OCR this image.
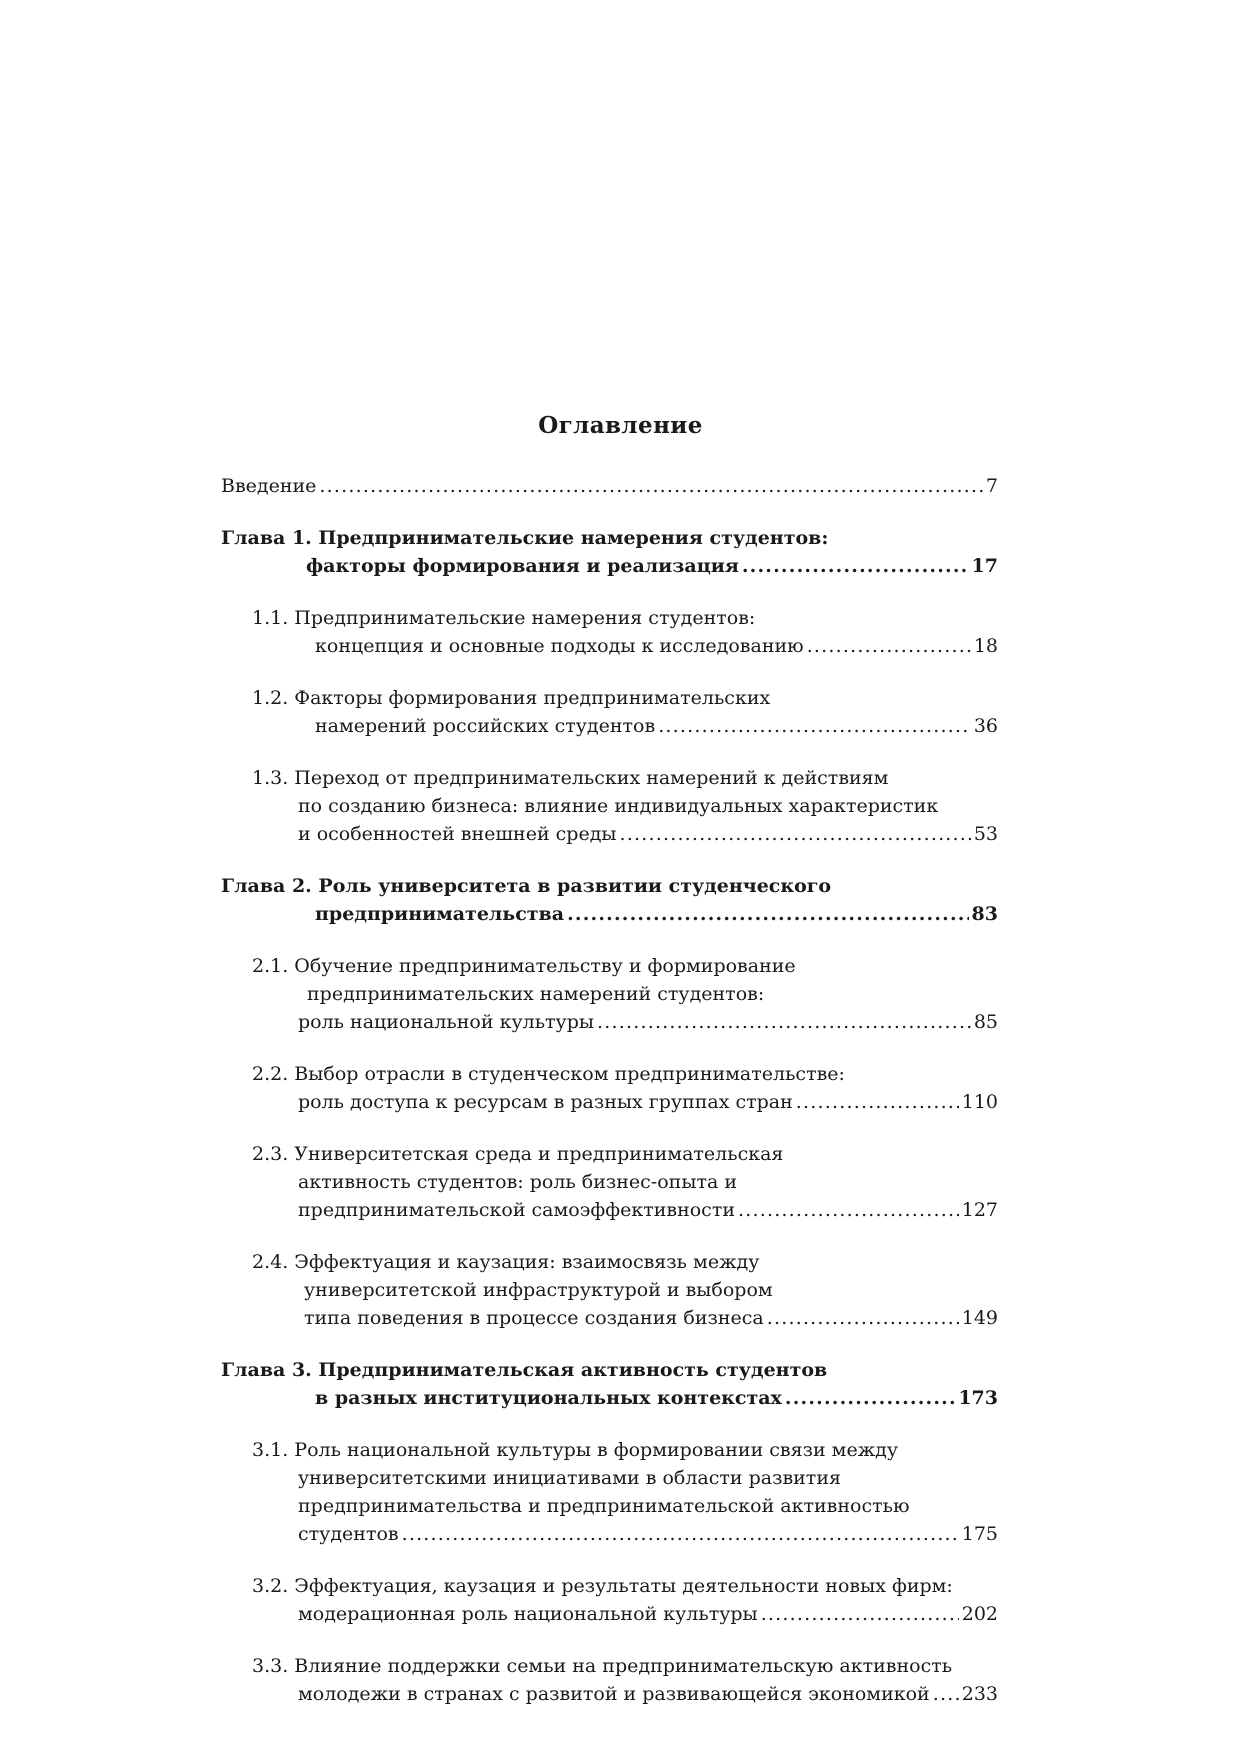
Оглавление
Введение .....	7
Глава 1. Предпринимательские намерения студентов:
факторы формирования и реализация .....	17
1.1. Предпринимательские намерения студентов:
концепция и основные подходы к исследованию .....	18
1.2. Факторы формирования предпринимательских
намерений российских студентов .....	36
1.3. Переход от предпринимательских намерений к действиям
по созданию бизнеса: влияние индивидуальных характеристик
и особенностей внешней среды .....	53
Глава 2. Роль университета в развитии студенческого
предпринимательства .....	83
2.1. Обучение предпринимательству и формирование
предпринимательских намерений студентов:
роль национальной культуры .....	85
2.2. Выбор отрасли в студенческом предпринимательстве:
роль доступа к ресурсам в разных группах стран .....	110
2.3. Университетская среда и предпринимательская
активность студентов: роль бизнес-опыта и
предпринимательской самоэффективности .....	127
2.4. Эффектуация и каузация: взаимосвязь между
университетской инфраструктурой и выбором
типа поведения в процессе создания бизнеса .....	149
Глава 3. Предпринимательская активность студентов
в разных институциональных контекстах .....	173
3.1. Роль национальной культуры в формировании связи между
университетскими инициативами в области развития
предпринимательства и предпринимательской активностью
студентов .....	175
3.2. Эффектуация, каузация и результаты деятельности новых фирм:
модерационная роль национальной культуры .....	202
3.3. Влияние поддержки семьи на предпринимательскую активность
молодежи в странах с развитой и развивающейся экономикой ..... 233
